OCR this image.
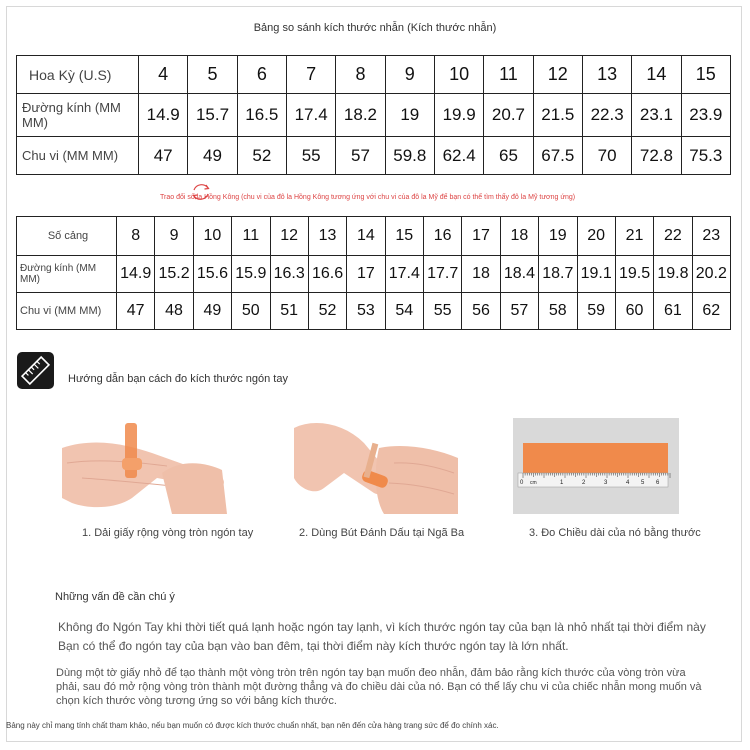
Bảng so sánh kích thước nhẫn (Kích thước nhẫn)
Hoa Kỳ (U.S)	4	5	6	7	8	9	10	11	12	13	14	15
Đường kính (MM MM)	14.9	15.7	16.5	17.4	18.2	19	19.9	20.7	21.5	22.3	23.1	23.9
Chu vi (MM MM)	47	49	52	55	57	59.8	62.4	65	67.5	70	72.8	75.3
Trao đổi số la Hồng Kông (chu vi của đô la Hồng Kông tương ứng với chu vi của đô la Mỹ để bạn có thể tìm thấy đô la Mỹ tương ứng)
Số cảng	8	9	10	11	12	13	14	15	16	17	18	19	20	21	22	23
Đường kính (MM MM)	14.9	15.2	15.6	15.9	16.3	16.6	17	17.4	17.7	18	18.4	18.7	19.1	19.5	19.8	20.2
Chu vi (MM MM)	47	48	49	50	51	52	53	54	55	56	57	58	59	60	61	62
Hướng dẫn bạn cách đo kích thước ngón tay
0 cm	1	2	3	4 5 6
1. Dải giấy rộng vòng tròn ngón tay	2. Dùng Bút Đánh Dấu tại Ngã Ba	3. Đo Chiều dài của nó bằng thước
Những vấn đề cần chú ý
Không đo Ngón Tay khi thời tiết quá lạnh hoặc ngón tay lạnh, vì kích thước ngón tay của bạn là nhỏ nhất tại thời điểm này Bạn có thể đo ngón tay của bạn vào ban đêm, tại thời điểm này kích thước ngón tay là lớn nhất.
Dùng một tờ giấy nhỏ để tạo thành một vòng tròn trên ngón tay bạn muốn đeo nhẫn, đảm bảo rằng kích thước của vòng tròn vừa phải, sau đó mở rộng vòng tròn thành một đường thẳng và đo chiều dài của nó. Bạn có thể lấy chu vi của chiếc nhẫn mong muốn và chọn kích thước vòng tương ứng so với bảng kích thước.
Bảng này chỉ mang tính chất tham khảo, nếu bạn muốn có được kích thước chuẩn nhất, bạn nên đến cửa hàng trang sức để đo chính xác.
